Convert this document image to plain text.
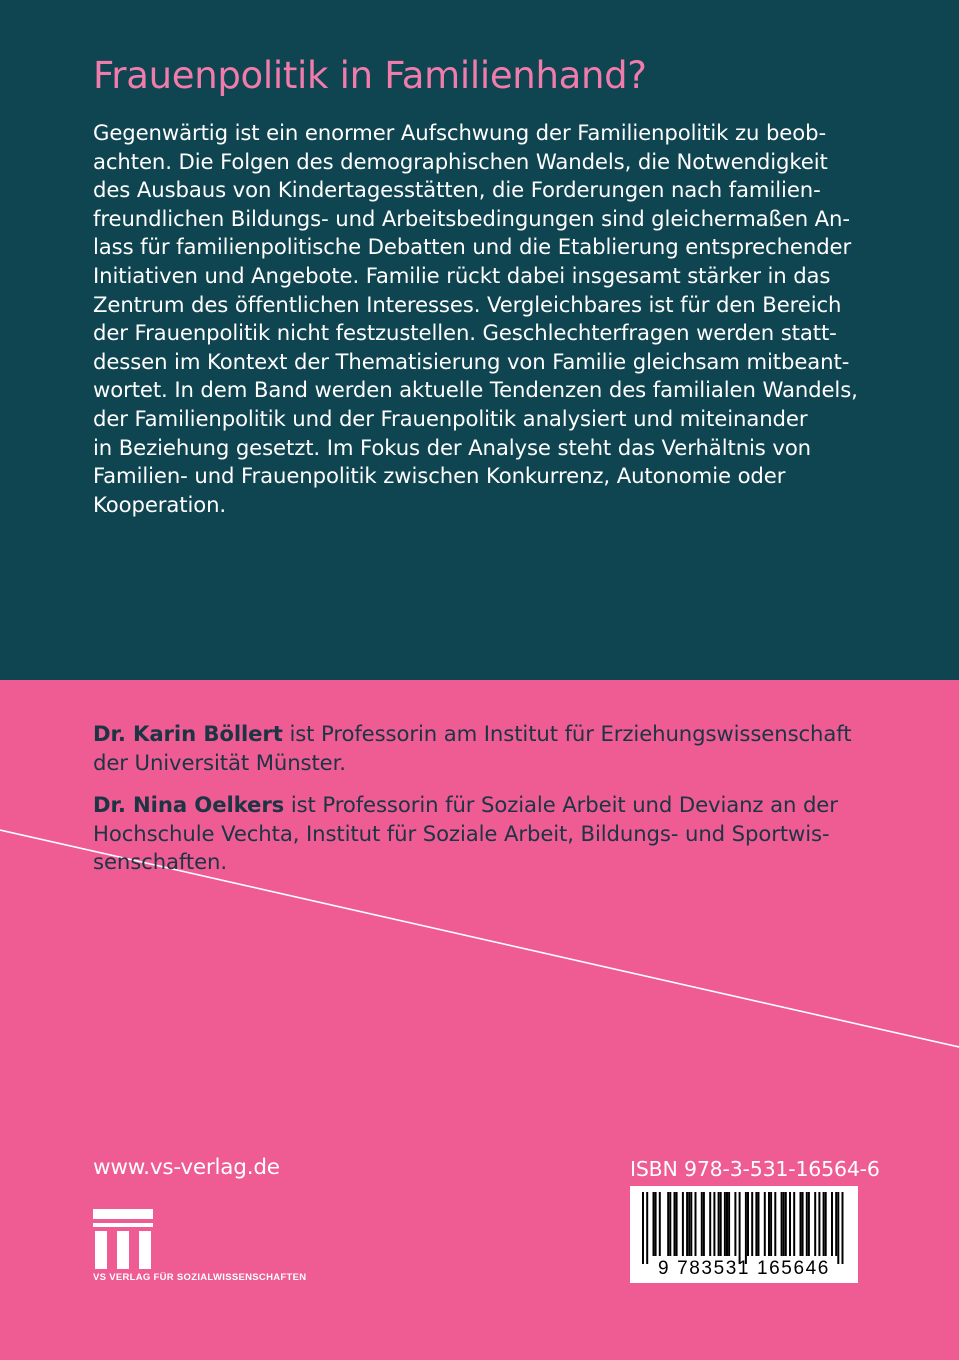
Frauenpolitik in Familienhand?
Gegenwärtig ist ein enormer Aufschwung der Familienpolitik zu beob-
achten. Die Folgen des demographischen Wandels, die Notwendigkeit
des Ausbaus von Kindertagesstätten, die Forderungen nach familien-
freundlichen Bildungs- und Arbeitsbedingungen sind gleichermaßen An-
lass für familienpolitische Debatten und die Etablierung entsprechender
Initiativen und Angebote. Familie rückt dabei insgesamt stärker in das
Zentrum des öffentlichen Interesses. Vergleichbares ist für den Bereich
der Frauenpolitik nicht festzustellen. Geschlechterfragen werden statt-
dessen im Kontext der Thematisierung von Familie gleichsam mitbeant-
wortet. In dem Band werden aktuelle Tendenzen des familialen Wandels,
der Familienpolitik und der Frauenpolitik analysiert und miteinander
in Beziehung gesetzt. Im Fokus der Analyse steht das Verhältnis von
Familien- und Frauenpolitik zwischen Konkurrenz, Autonomie oder
Kooperation.
Dr. Karin Böllert ist Professorin am Institut für Erziehungswissenschaft
der Universität Münster.
Dr. Nina Oelkers ist Professorin für Soziale Arbeit und Devianz an der
Hochschule Vechta, Institut für Soziale Arbeit, Bildungs- und Sportwis-
senschaften.
www.vs-verlag.de	ISBN 978-3-531-16564-6
9 783531 165646
VS VERLAG FÜR SOZIALWISSENSCHAFTEN
